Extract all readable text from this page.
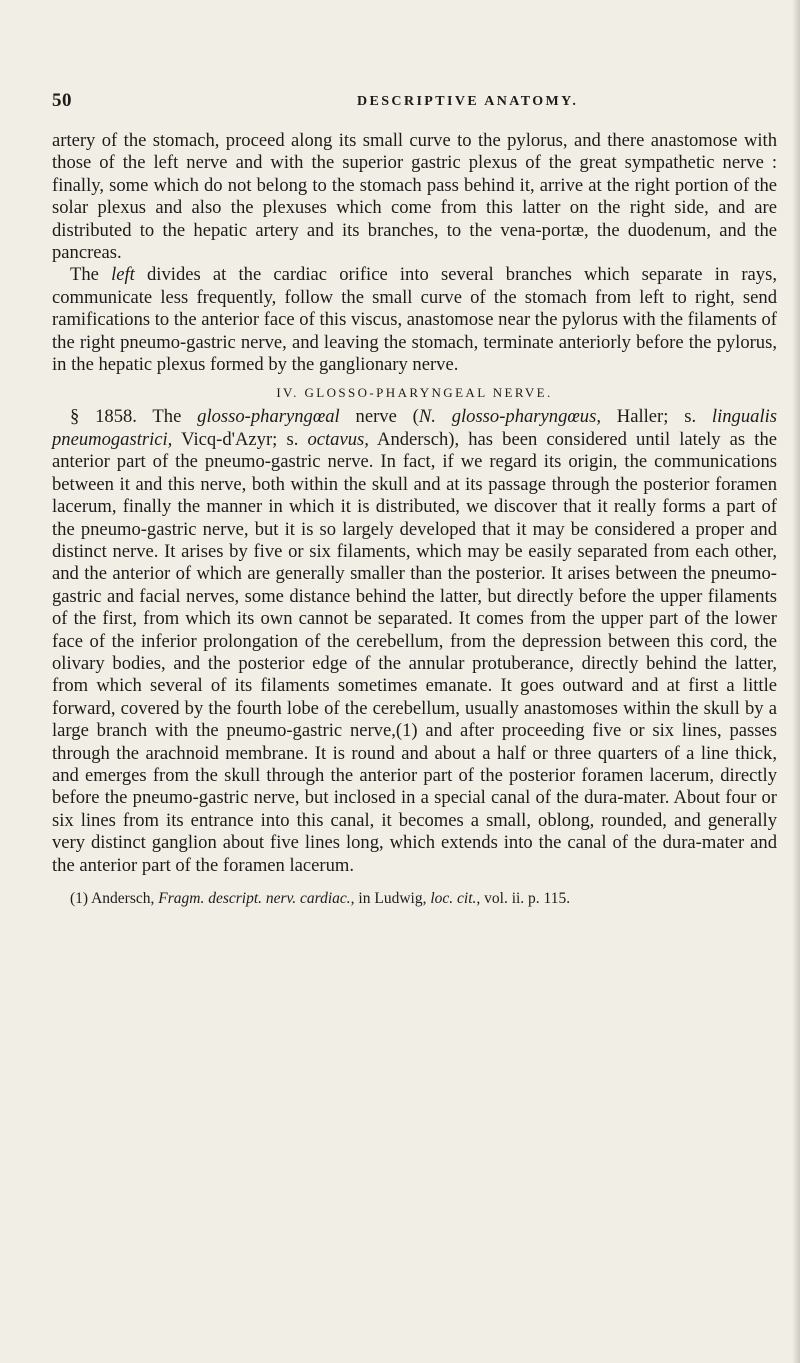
50	DESCRIPTIVE ANATOMY.

artery of the stomach, proceed along its small curve to the pylorus, and there anastomose with those of the left nerve and with the superior gastric plexus of the great sympathetic nerve : finally, some which do not belong to the stomach pass behind it, arrive at the right portion of the solar plexus and also the plexuses which come from this latter on the right side, and are distributed to the hepatic artery and its branches, to the vena-portæ, the duodenum, and the pancreas.

The left divides at the cardiac orifice into several branches which separate in rays, communicate less frequently, follow the small curve of the stomach from left to right, send ramifications to the anterior face of this viscus, anastomose near the pylorus with the filaments of the right pneumo-gastric nerve, and leaving the stomach, terminate anteriorly before the pylorus, in the hepatic plexus formed by the ganglionary nerve.

IV. GLOSSO-PHARYNGEAL NERVE.

§ 1858. The glosso-pharyngœal nerve (N. glosso-pharyngœus, Haller; s. lingualis pneumogastrici, Vicq-d'Azyr; s. octavus, Andersch), has been considered until lately as the anterior part of the pneumo-gastric nerve. In fact, if we regard its origin, the communications between it and this nerve, both within the skull and at its passage through the posterior foramen lacerum, finally the manner in which it is distributed, we discover that it really forms a part of the pneumo-gastric nerve, but it is so largely developed that it may be considered a proper and distinct nerve. It arises by five or six filaments, which may be easily separated from each other, and the anterior of which are generally smaller than the posterior. It arises between the pneumo-gastric and facial nerves, some distance behind the latter, but directly before the upper filaments of the first, from which its own cannot be separated. It comes from the upper part of the lower face of the inferior prolongation of the cerebellum, from the depression between this cord, the olivary bodies, and the posterior edge of the annular protuberance, directly behind the latter, from which several of its filaments sometimes emanate. It goes outward and at first a little forward, covered by the fourth lobe of the cerebellum, usually anastomoses within the skull by a large branch with the pneumo-gastric nerve,(1) and after proceeding five or six lines, passes through the arachnoid membrane. It is round and about a half or three quarters of a line thick, and emerges from the skull through the anterior part of the posterior foramen lacerum, directly before the pneumo-gastric nerve, but inclosed in a special canal of the dura-mater. About four or six lines from its entrance into this canal, it becomes a small, oblong, rounded, and generally very distinct ganglion about five lines long, which extends into the canal of the dura-mater and the anterior part of the foramen lacerum.

(1) Andersch, Fragm. descript. nerv. cardiac., in Ludwig, loc. cit., vol. ii. p. 115.
